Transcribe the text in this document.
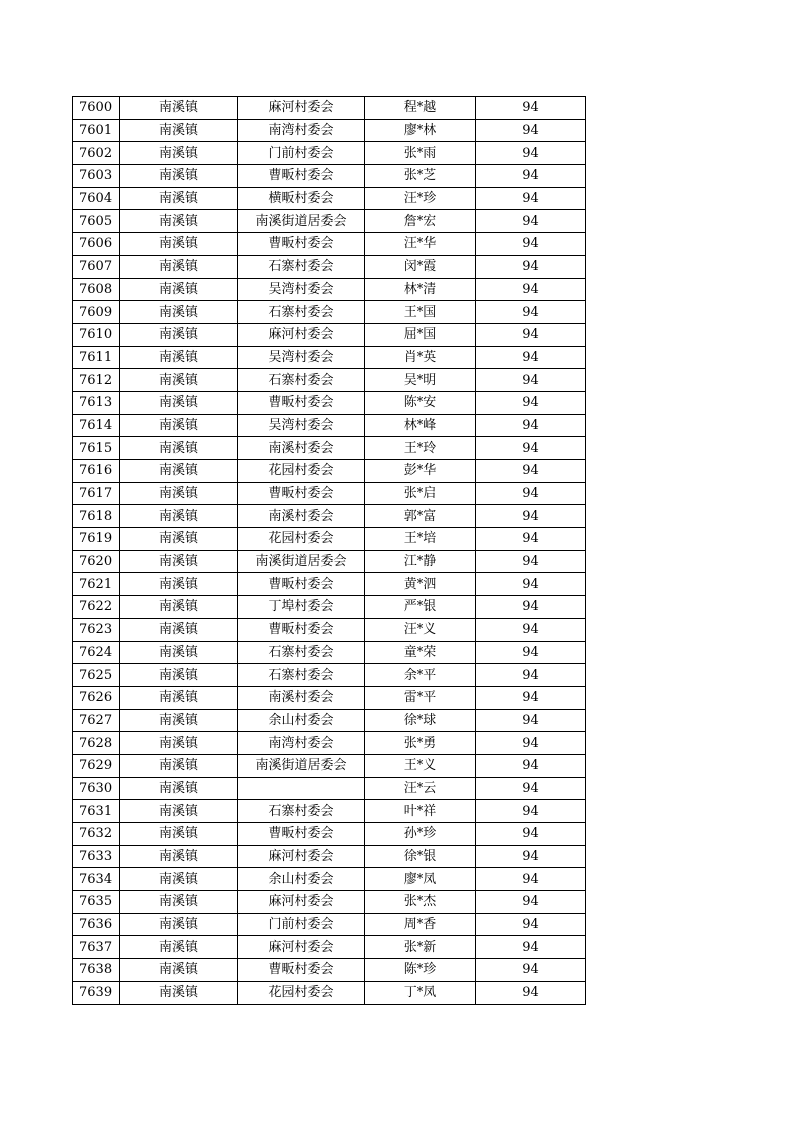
7600	南溪镇	麻河村委会	程*越	94
7601	南溪镇	南湾村委会	廖*林	94
7602	南溪镇	门前村委会	张*雨	94
7603	南溪镇	曹畈村委会	张*芝	94
7604	南溪镇	横畈村委会	汪*珍	94
7605	南溪镇	南溪街道居委会	詹*宏	94
7606	南溪镇	曹畈村委会	汪*华	94
7607	南溪镇	石寨村委会	闵*霞	94
7608	南溪镇	吴湾村委会	林*清	94
7609	南溪镇	石寨村委会	王*国	94
7610	南溪镇	麻河村委会	屈*国	94
7611	南溪镇	吴湾村委会	肖*英	94
7612	南溪镇	石寨村委会	吴*明	94
7613	南溪镇	曹畈村委会	陈*安	94
7614	南溪镇	吴湾村委会	林*峰	94
7615	南溪镇	南溪村委会	王*玲	94
7616	南溪镇	花园村委会	彭*华	94
7617	南溪镇	曹畈村委会	张*启	94
7618	南溪镇	南溪村委会	郭*富	94
7619	南溪镇	花园村委会	王*培	94
7620	南溪镇	南溪街道居委会	江*静	94
7621	南溪镇	曹畈村委会	黄*泗	94
7622	南溪镇	丁埠村委会	严*银	94
7623	南溪镇	曹畈村委会	汪*义	94
7624	南溪镇	石寨村委会	童*荣	94
7625	南溪镇	石寨村委会	余*平	94
7626	南溪镇	南溪村委会	雷*平	94
7627	南溪镇	余山村委会	徐*球	94
7628	南溪镇	南湾村委会	张*勇	94
7629	南溪镇	南溪街道居委会	王*义	94
7630	南溪镇		汪*云	94
7631	南溪镇	石寨村委会	叶*祥	94
7632	南溪镇	曹畈村委会	孙*珍	94
7633	南溪镇	麻河村委会	徐*银	94
7634	南溪镇	余山村委会	廖*凤	94
7635	南溪镇	麻河村委会	张*杰	94
7636	南溪镇	门前村委会	周*香	94
7637	南溪镇	麻河村委会	张*新	94
7638	南溪镇	曹畈村委会	陈*珍	94
7639	南溪镇	花园村委会	丁*凤	94
